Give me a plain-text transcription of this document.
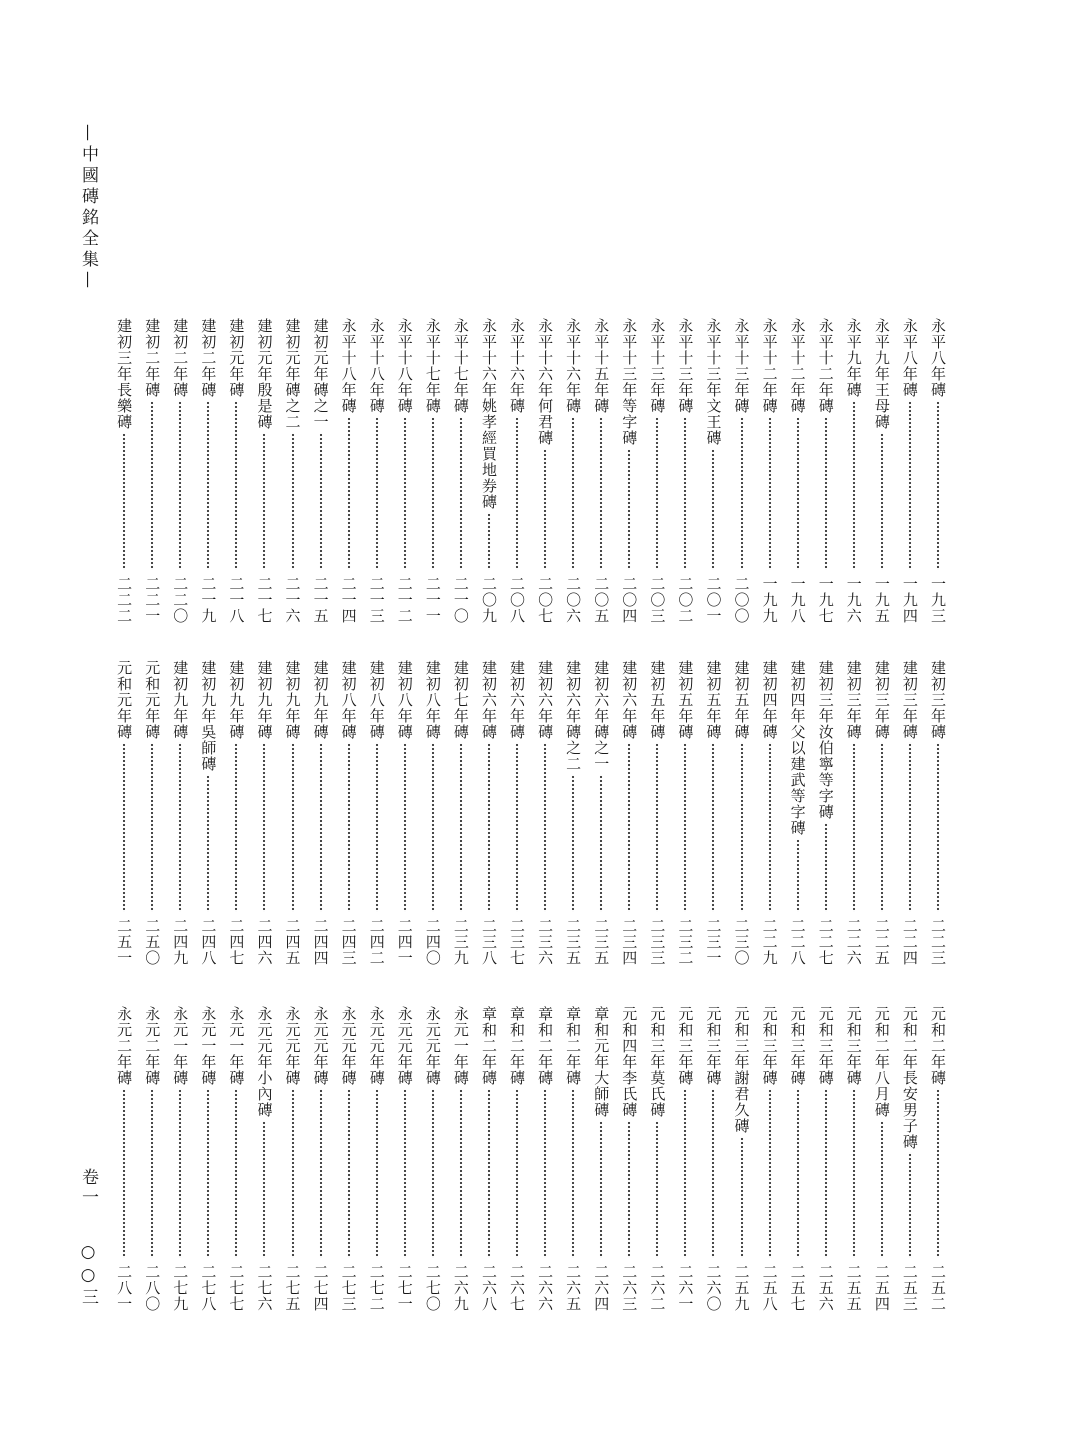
—中國磚銘全集—
卷一○○三
永平八年磚
一九三
永平八年磚
一九四
永平九年王母磚
一九五
永平九年磚
一九六
永平十二年磚
一九七
永平十二年磚
一九八
永平十二年磚
一九九
永平十三年磚
二〇〇
永平十三年文王磚
二〇一
永平十三年磚
二〇二
永平十三年磚
二〇三
永平十三年等字磚
二〇四
永平十五年磚
二〇五
永平十六年磚
二〇六
永平十六年何君磚
二〇七
永平十六年磚
二〇八
永平十六年姚孝經買地券磚
二〇九
永平十七年磚
二一〇
永平十七年磚
二一一
永平十八年磚
二一二
永平十八年磚
二一三
永平十八年磚
二一四
建初元年磚之一
二一五
建初元年磚之二
二一六
建初元年殷是磚
二一七
建初元年磚
二一八
建初二年磚
二一九
建初二年磚
二二〇
建初二年磚
二二一
建初三年長樂磚
二二二
建初三年磚
二二三
建初三年磚
二二四
建初三年磚
二二五
建初三年磚
二二六
建初三年汝伯寧等字磚
二二七
建初四年父以建武等字磚
二二八
建初四年磚
二二九
建初五年磚
二三〇
建初五年磚
二三一
建初五年磚
二三二
建初五年磚
二三三
建初六年磚
二三四
建初六年磚之一
二三五
建初六年磚之二
二三五
建初六年磚
二三六
建初六年磚
二三七
建初六年磚
二三八
建初七年磚
二三九
建初八年磚
二四〇
建初八年磚
二四一
建初八年磚
二四二
建初八年磚
二四三
建初九年磚
二四四
建初九年磚
二四五
建初九年磚
二四六
建初九年磚
二四七
建初九年吳師磚
二四八
建初九年磚
二四九
元和元年磚
二五〇
元和元年磚
二五一
元和二年磚
二五二
元和二年長安男子磚
二五三
元和二年八月磚
二五四
元和三年磚
二五五
元和三年磚
二五六
元和三年磚
二五七
元和三年磚
二五八
元和三年謝君久磚
二五九
元和三年磚
二六〇
元和三年磚
二六一
元和三年莫氏磚
二六二
元和四年李氏磚
二六三
章和元年大師磚
二六四
章和二年磚
二六五
章和二年磚
二六六
章和二年磚
二六七
章和二年磚
二六八
永元一年磚
二六九
永元元年磚
二七〇
永元元年磚
二七一
永元元年磚
二七二
永元元年磚
二七三
永元元年磚
二七四
永元元年磚
二七五
永元元年小內磚
二七六
永元一年磚
二七七
永元一年磚
二七八
永元一年磚
二七九
永元二年磚
二八〇
永元二年磚
二八一
